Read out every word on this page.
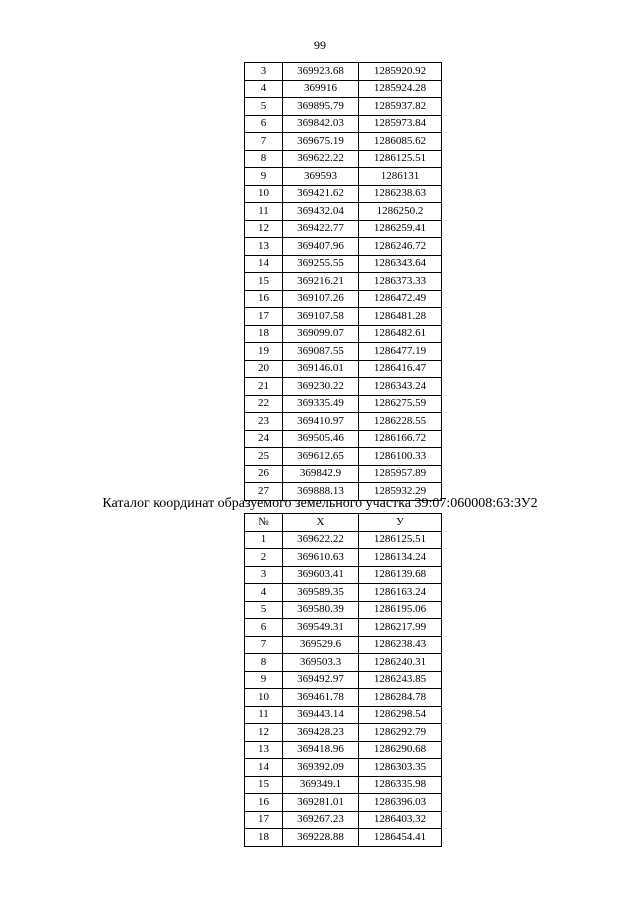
99
3	369923.68	1285920.92
4	369916	1285924.28
5	369895.79	1285937.82
6	369842.03	1285973.84
7	369675.19	1286085.62
8	369622.22	1286125.51
9	369593	1286131
10	369421.62	1286238.63
11	369432.04	1286250.2
12	369422.77	1286259.41
13	369407.96	1286246.72
14	369255.55	1286343.64
15	369216.21	1286373.33
16	369107.26	1286472.49
17	369107.58	1286481.28
18	369099.07	1286482.61
19	369087.55	1286477.19
20	369146.01	1286416.47
21	369230.22	1286343.24
22	369335.49	1286275.59
23	369410.97	1286228.55
24	369505.46	1286166.72
25	369612.65	1286100.33
26	369842.9	1285957.89
27	369888.13	1285932.29
Каталог координат образуемого земельного участка 39:07:060008:63:ЗУ2
№	X	У
1	369622.22	1286125.51
2	369610.63	1286134.24
3	369603.41	1286139.68
4	369589.35	1286163.24
5	369580.39	1286195.06
6	369549.31	1286217.99
7	369529.6	1286238.43
8	369503.3	1286240.31
9	369492.97	1286243.85
10	369461.78	1286284.78
11	369443.14	1286298.54
12	369428.23	1286292.79
13	369418.96	1286290.68
14	369392.09	1286303.35
15	369349.1	1286335.98
16	369281.01	1286396.03
17	369267.23	1286403.32
18	369228.88	1286454.41
